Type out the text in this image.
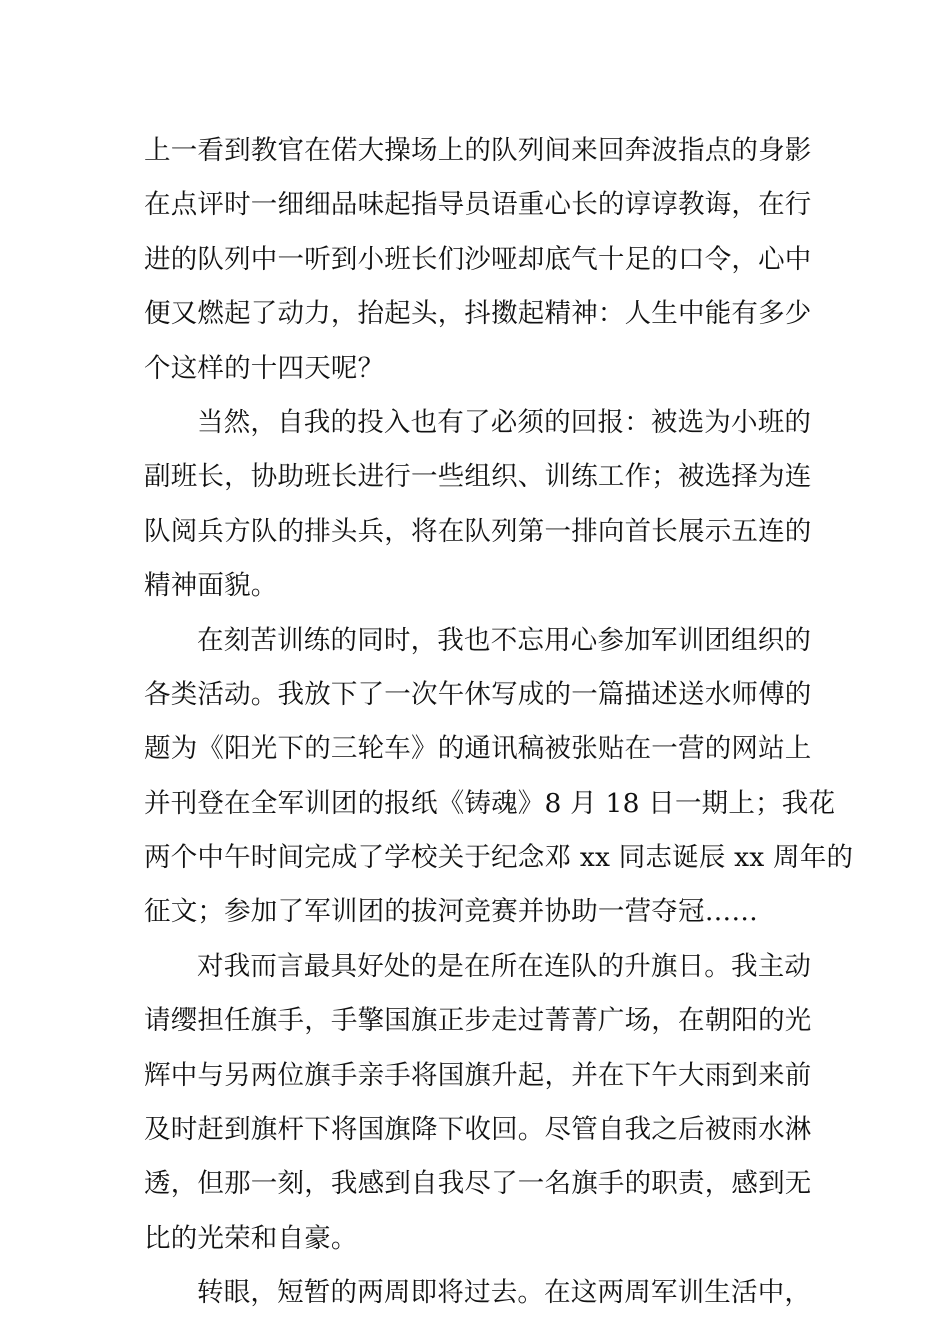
上一看到教官在偌大操场上的队列间来回奔波指点的身影
在点评时一细细品味起指导员语重心长的谆谆教诲，在行
进的队列中一听到小班长们沙哑却底气十足的口令，心中
便又燃起了动力，抬起头，抖擞起精神：人生中能有多少
个这样的十四天呢？
当然，自我的投入也有了必须的回报：被选为小班的
副班长，协助班长进行一些组织、训练工作；被选择为连
队阅兵方队的排头兵，将在队列第一排向首长展示五连的
精神面貌。
在刻苦训练的同时，我也不忘用心参加军训团组织的
各类活动。我放下了一次午休写成的一篇描述送水师傅的
题为《阳光下的三轮车》的通讯稿被张贴在一营的网站上
并刊登在全军训团的报纸《铸魂》8 月 18 日一期上；我花
两个中午时间完成了学校关于纪念邓 xx 同志诞辰 xx 周年的
征文；参加了军训团的拔河竞赛并协助一营夺冠……
对我而言最具好处的是在所在连队的升旗日。我主动
请缨担任旗手，手擎国旗正步走过菁菁广场，在朝阳的光
辉中与另两位旗手亲手将国旗升起，并在下午大雨到来前
及时赶到旗杆下将国旗降下收回。尽管自我之后被雨水淋
透，但那一刻，我感到自我尽了一名旗手的职责，感到无
比的光荣和自豪。
转眼，短暂的两周即将过去。在这两周军训生活中，
